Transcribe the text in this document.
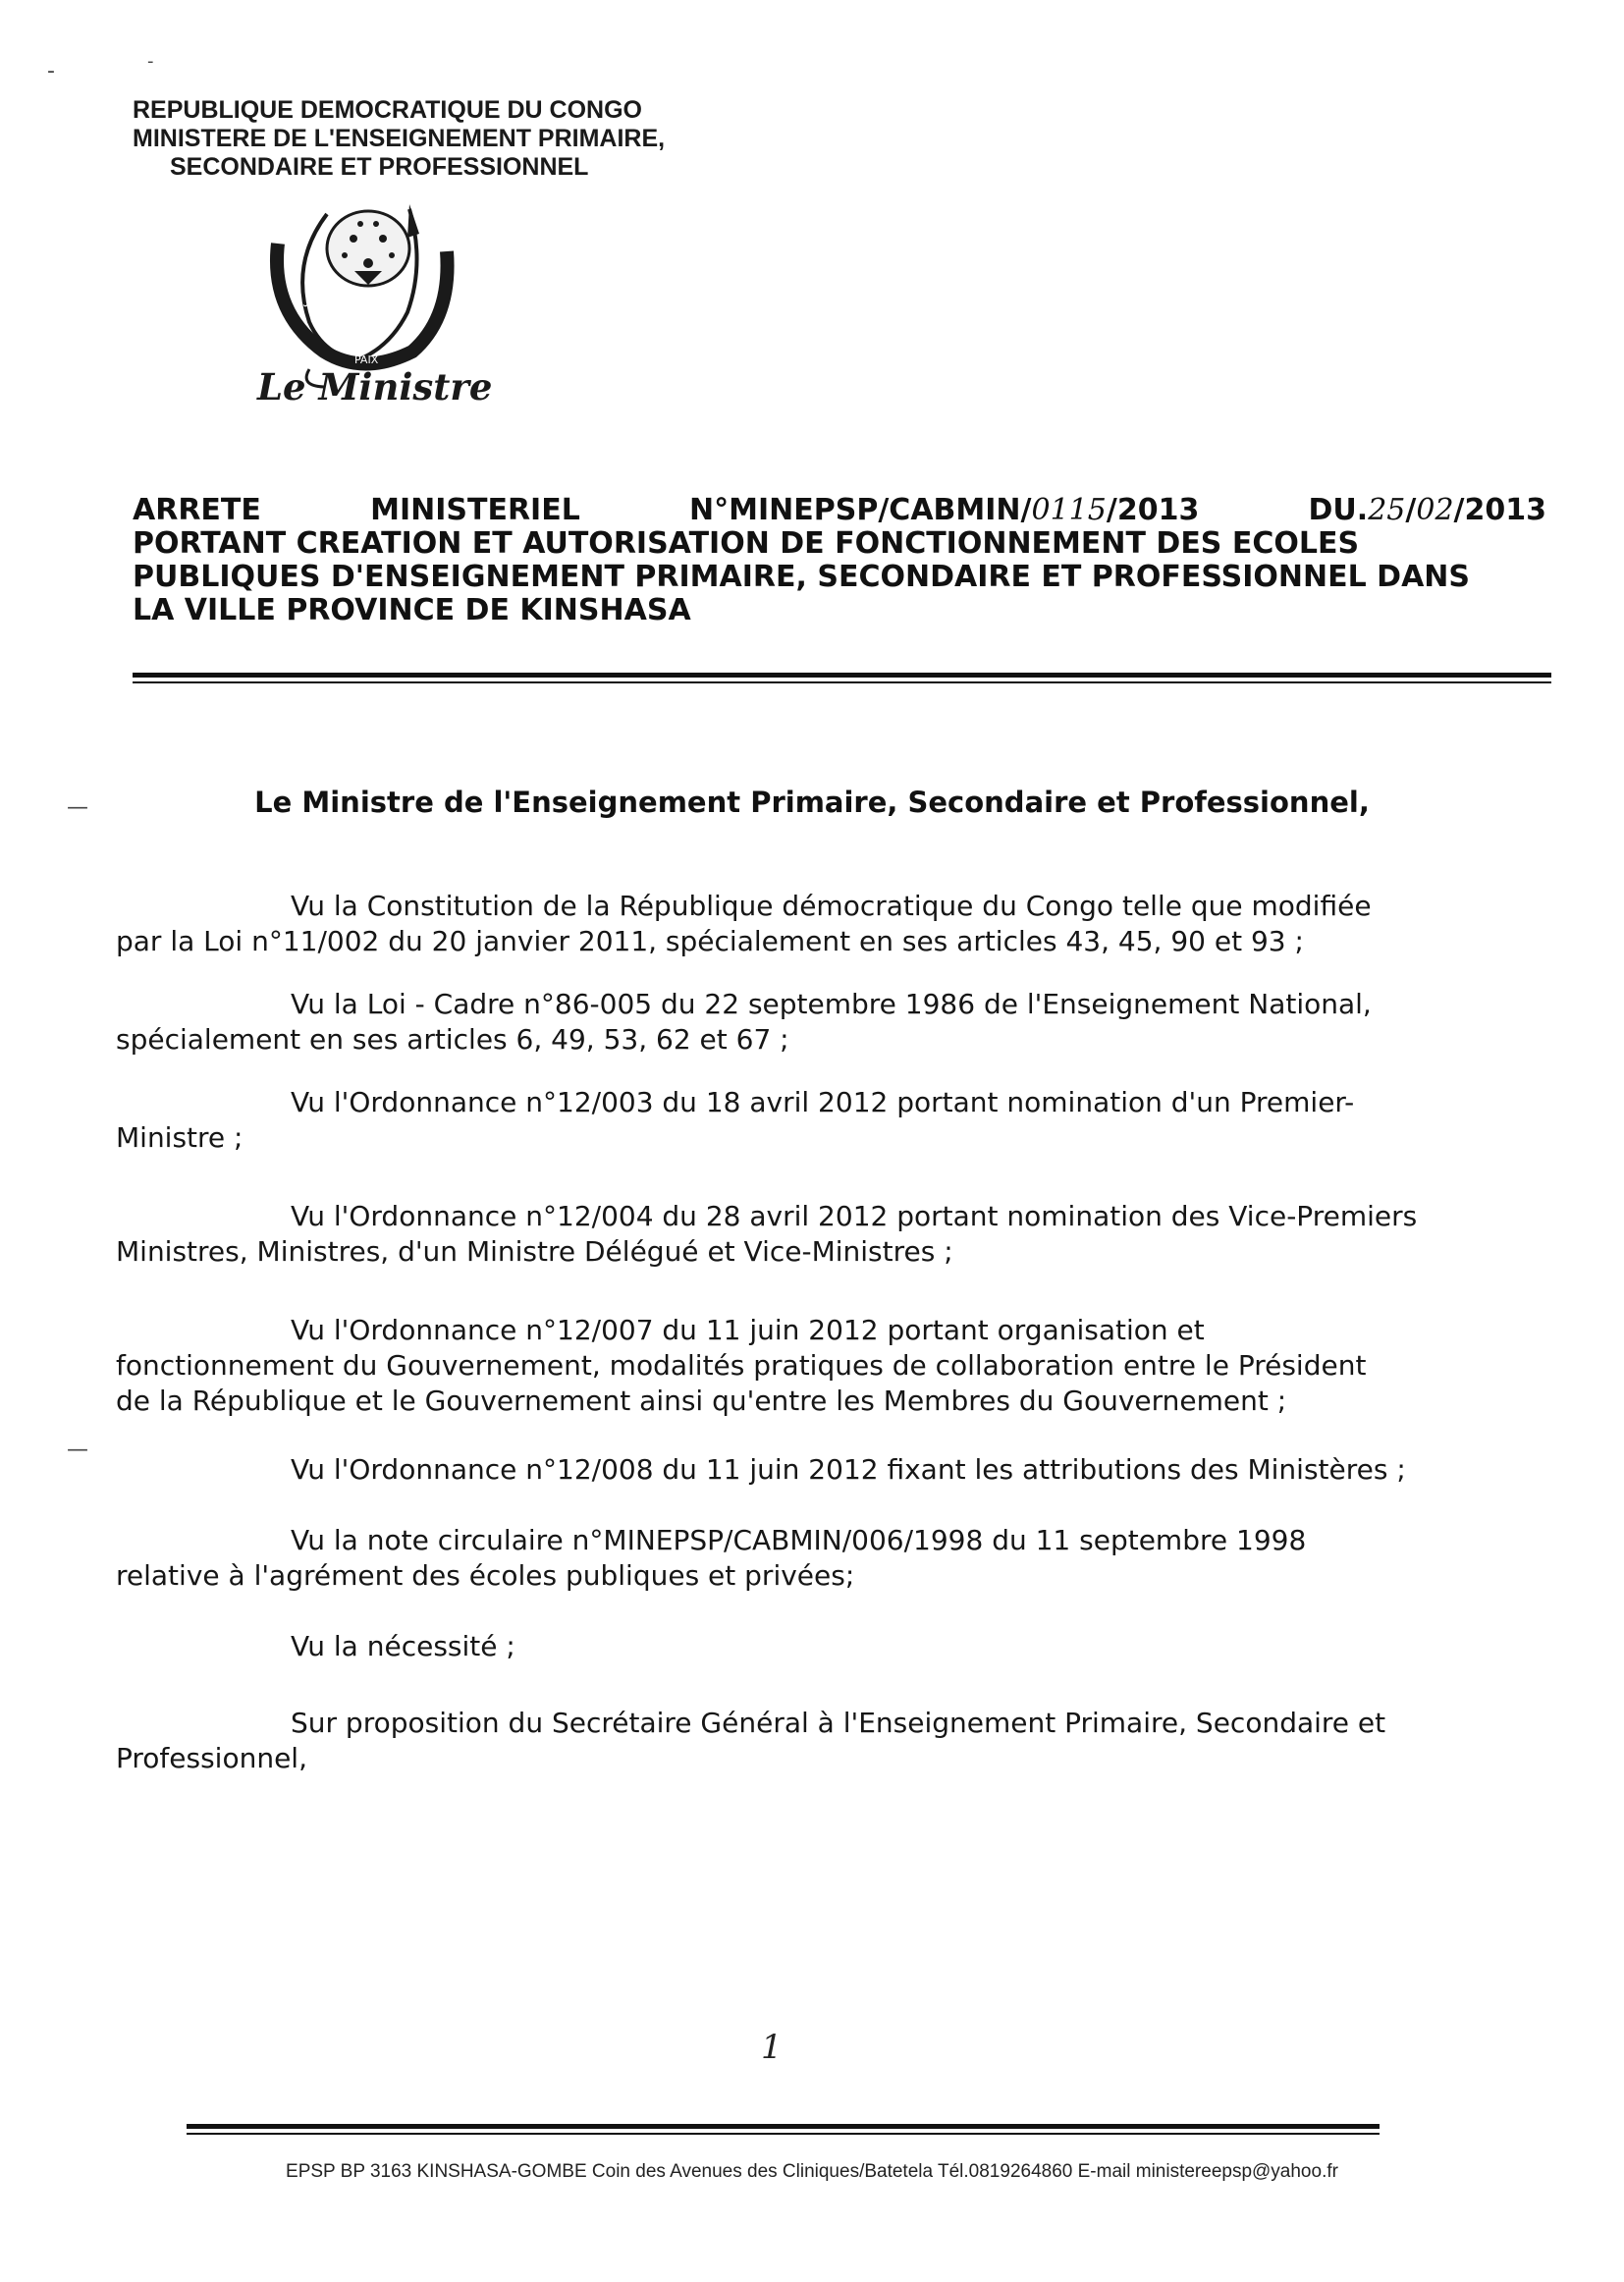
-	-
—
—
REPUBLIQUE DEMOCRATIQUE DU CONGO
MINISTERE DE L'ENSEIGNEMENT PRIMAIRE,
SECONDAIRE ET PROFESSIONNEL
JUSTICE
PAIX
TRAVAIL
Le Ministre
ARRETE	MINISTERIEL	N°MINEPSP/CABMIN/0115/2013	DU.25/02/2013
PORTANT CREATION ET AUTORISATION DE FONCTIONNEMENT DES ECOLES
PUBLIQUES D'ENSEIGNEMENT PRIMAIRE, SECONDAIRE ET PROFESSIONNEL DANS
LA VILLE PROVINCE DE KINSHASA
Le Ministre de l'Enseignement Primaire, Secondaire et Professionnel,

Vu la Constitution de la République démocratique du Congo telle que modifiée
par la Loi n°11/002 du 20 janvier 2011, spécialement en ses articles 43, 45, 90 et 93 ;

Vu la Loi - Cadre n°86-005 du 22 septembre 1986 de l'Enseignement National,
spécialement en ses articles 6, 49, 53, 62 et 67 ;

Vu l'Ordonnance n°12/003 du 18 avril 2012 portant nomination d'un Premier-
Ministre ;

Vu l'Ordonnance n°12/004 du 28 avril 2012 portant nomination des Vice-Premiers
Ministres, Ministres, d'un Ministre Délégué et Vice-Ministres ;

Vu l'Ordonnance n°12/007 du 11 juin 2012 portant organisation et
fonctionnement du Gouvernement, modalités pratiques de collaboration entre le Président
de la République et le Gouvernement ainsi qu'entre les Membres du Gouvernement ;

Vu l'Ordonnance n°12/008 du 11 juin 2012 fixant les attributions des Ministères ;

Vu la note circulaire n°MINEPSP/CABMIN/006/1998 du 11 septembre 1998
relative à l'agrément des écoles publiques et privées;

Vu la nécessité ;

Sur proposition du Secrétaire Général à l'Enseignement Primaire, Secondaire et
Professionnel,

1
EPSP BP 3163 KINSHASA-GOMBE Coin des Avenues des Cliniques/Batetela Tél.0819264860 E-mail ministereepsp@yahoo.fr
